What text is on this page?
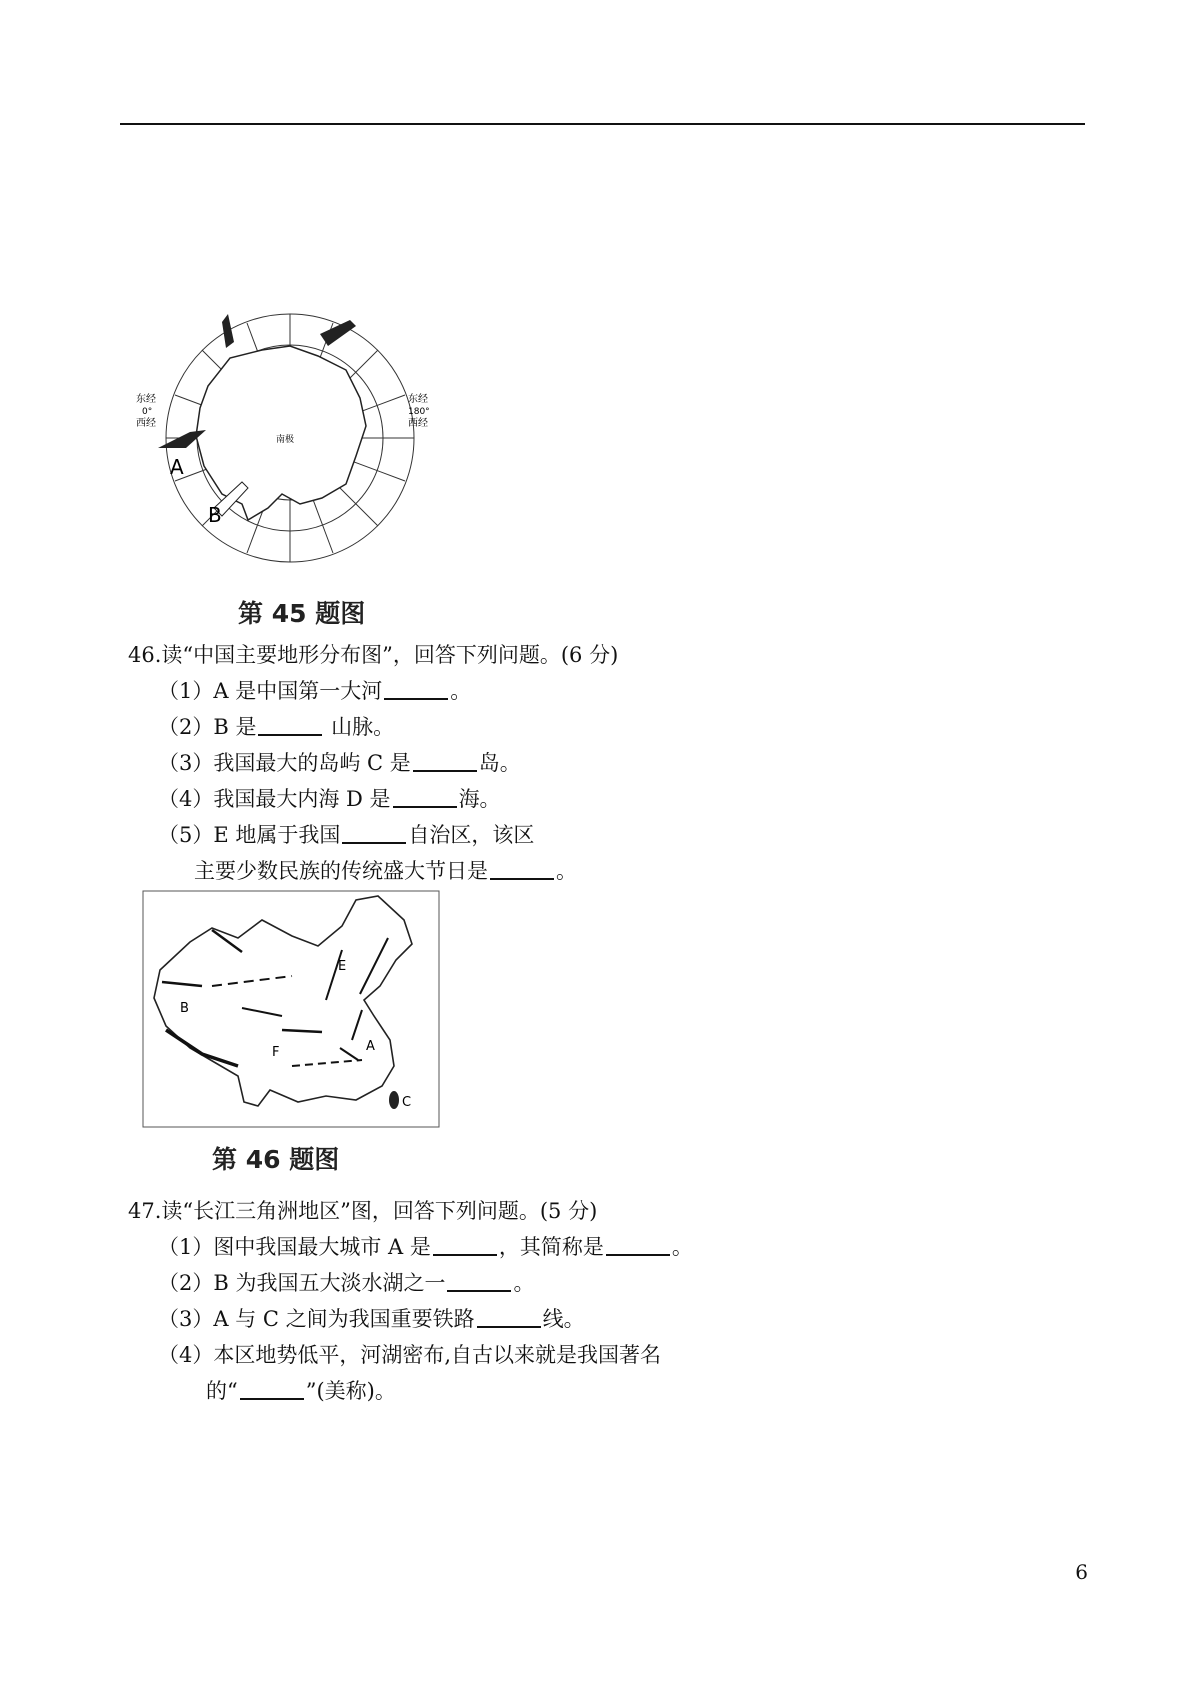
南极
东经
0°
西经
东经
180°
西经
A
B
第 45 题图
46.读“中国主要地形分布图”，回答下列问题。(6 分)
（1）A 是中国第一大河	。
（2）B 是	山脉。
（3）我国最大的岛屿 C 是	岛。
（4）我国最大内海 D 是	海。
（5）E 地属于我国	自治区，该区
主要少数民族的传统盛大节日是	。
B
E
F	A
C
第 46 题图
47.读“长江三角洲地区”图，回答下列问题。(5 分)
（1）图中我国最大城市 A 是	，其简称是	。
（2）B 为我国五大淡水湖之一	。
（3）A 与 C 之间为我国重要铁路	线。
（4）本区地势低平，河湖密布,自古以来就是我国著名
的“	”(美称)。
6
